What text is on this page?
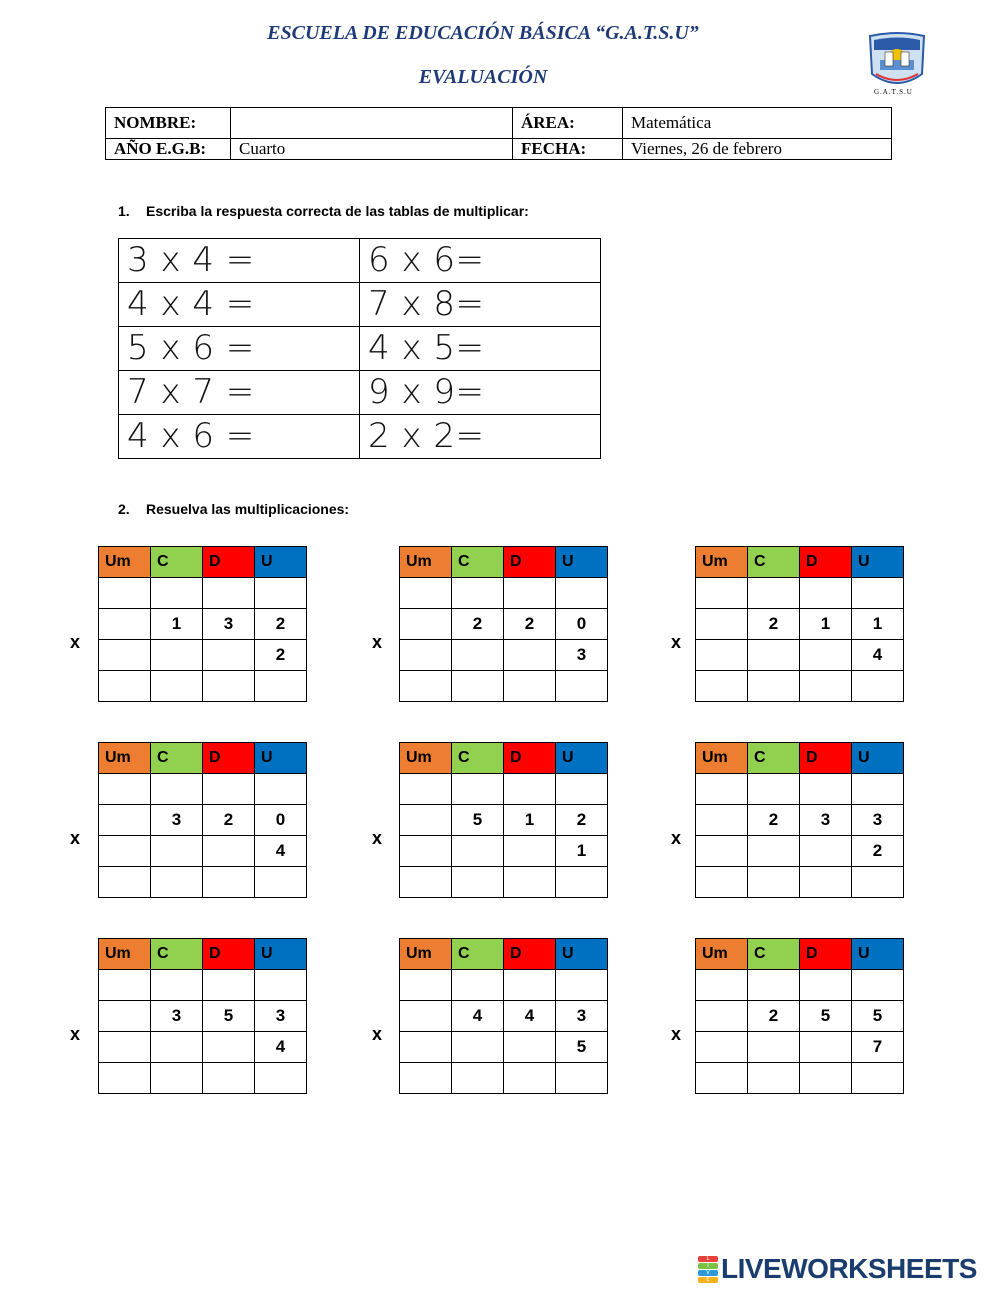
ESCUELA DE EDUCACIÓN BÁSICA “G.A.T.S.U”
EVALUACIÓN
G.A.T.S.U
NOMBRE:		ÁREA:	Matemática
AÑO E.G.B:	Cuarto	FECHA:	Viernes, 26 de febrero
1. Escriba la respuesta correcta de las tablas de multiplicar:
3 x 4 =	6 x 6=
4 x 4 =	7 x 8=
5 x 6 =	4 x 5=
7 x 7 =	9 x 9=
4 x 6 =	2 x 2=
2. Resuelva las multiplicaciones:
Um	C	D	U

	1	3	2
			2

x
Um	C	D	U

	2	2	0
			3

x
Um	C	D	U

	2	1	1
			4

x
Um	C	D	U

	3	2	0
			4

x
Um	C	D	U

	5	1	2
			1

x
Um	C	D	U

	2	3	3
			2

x
Um	C	D	U

	3	5	3
			4

x
Um	C	D	U

	4	4	3
			5

x
Um	C	D	U

	2	5	5
			7

x
L
I
V
E LIVEWORKSHEETS
